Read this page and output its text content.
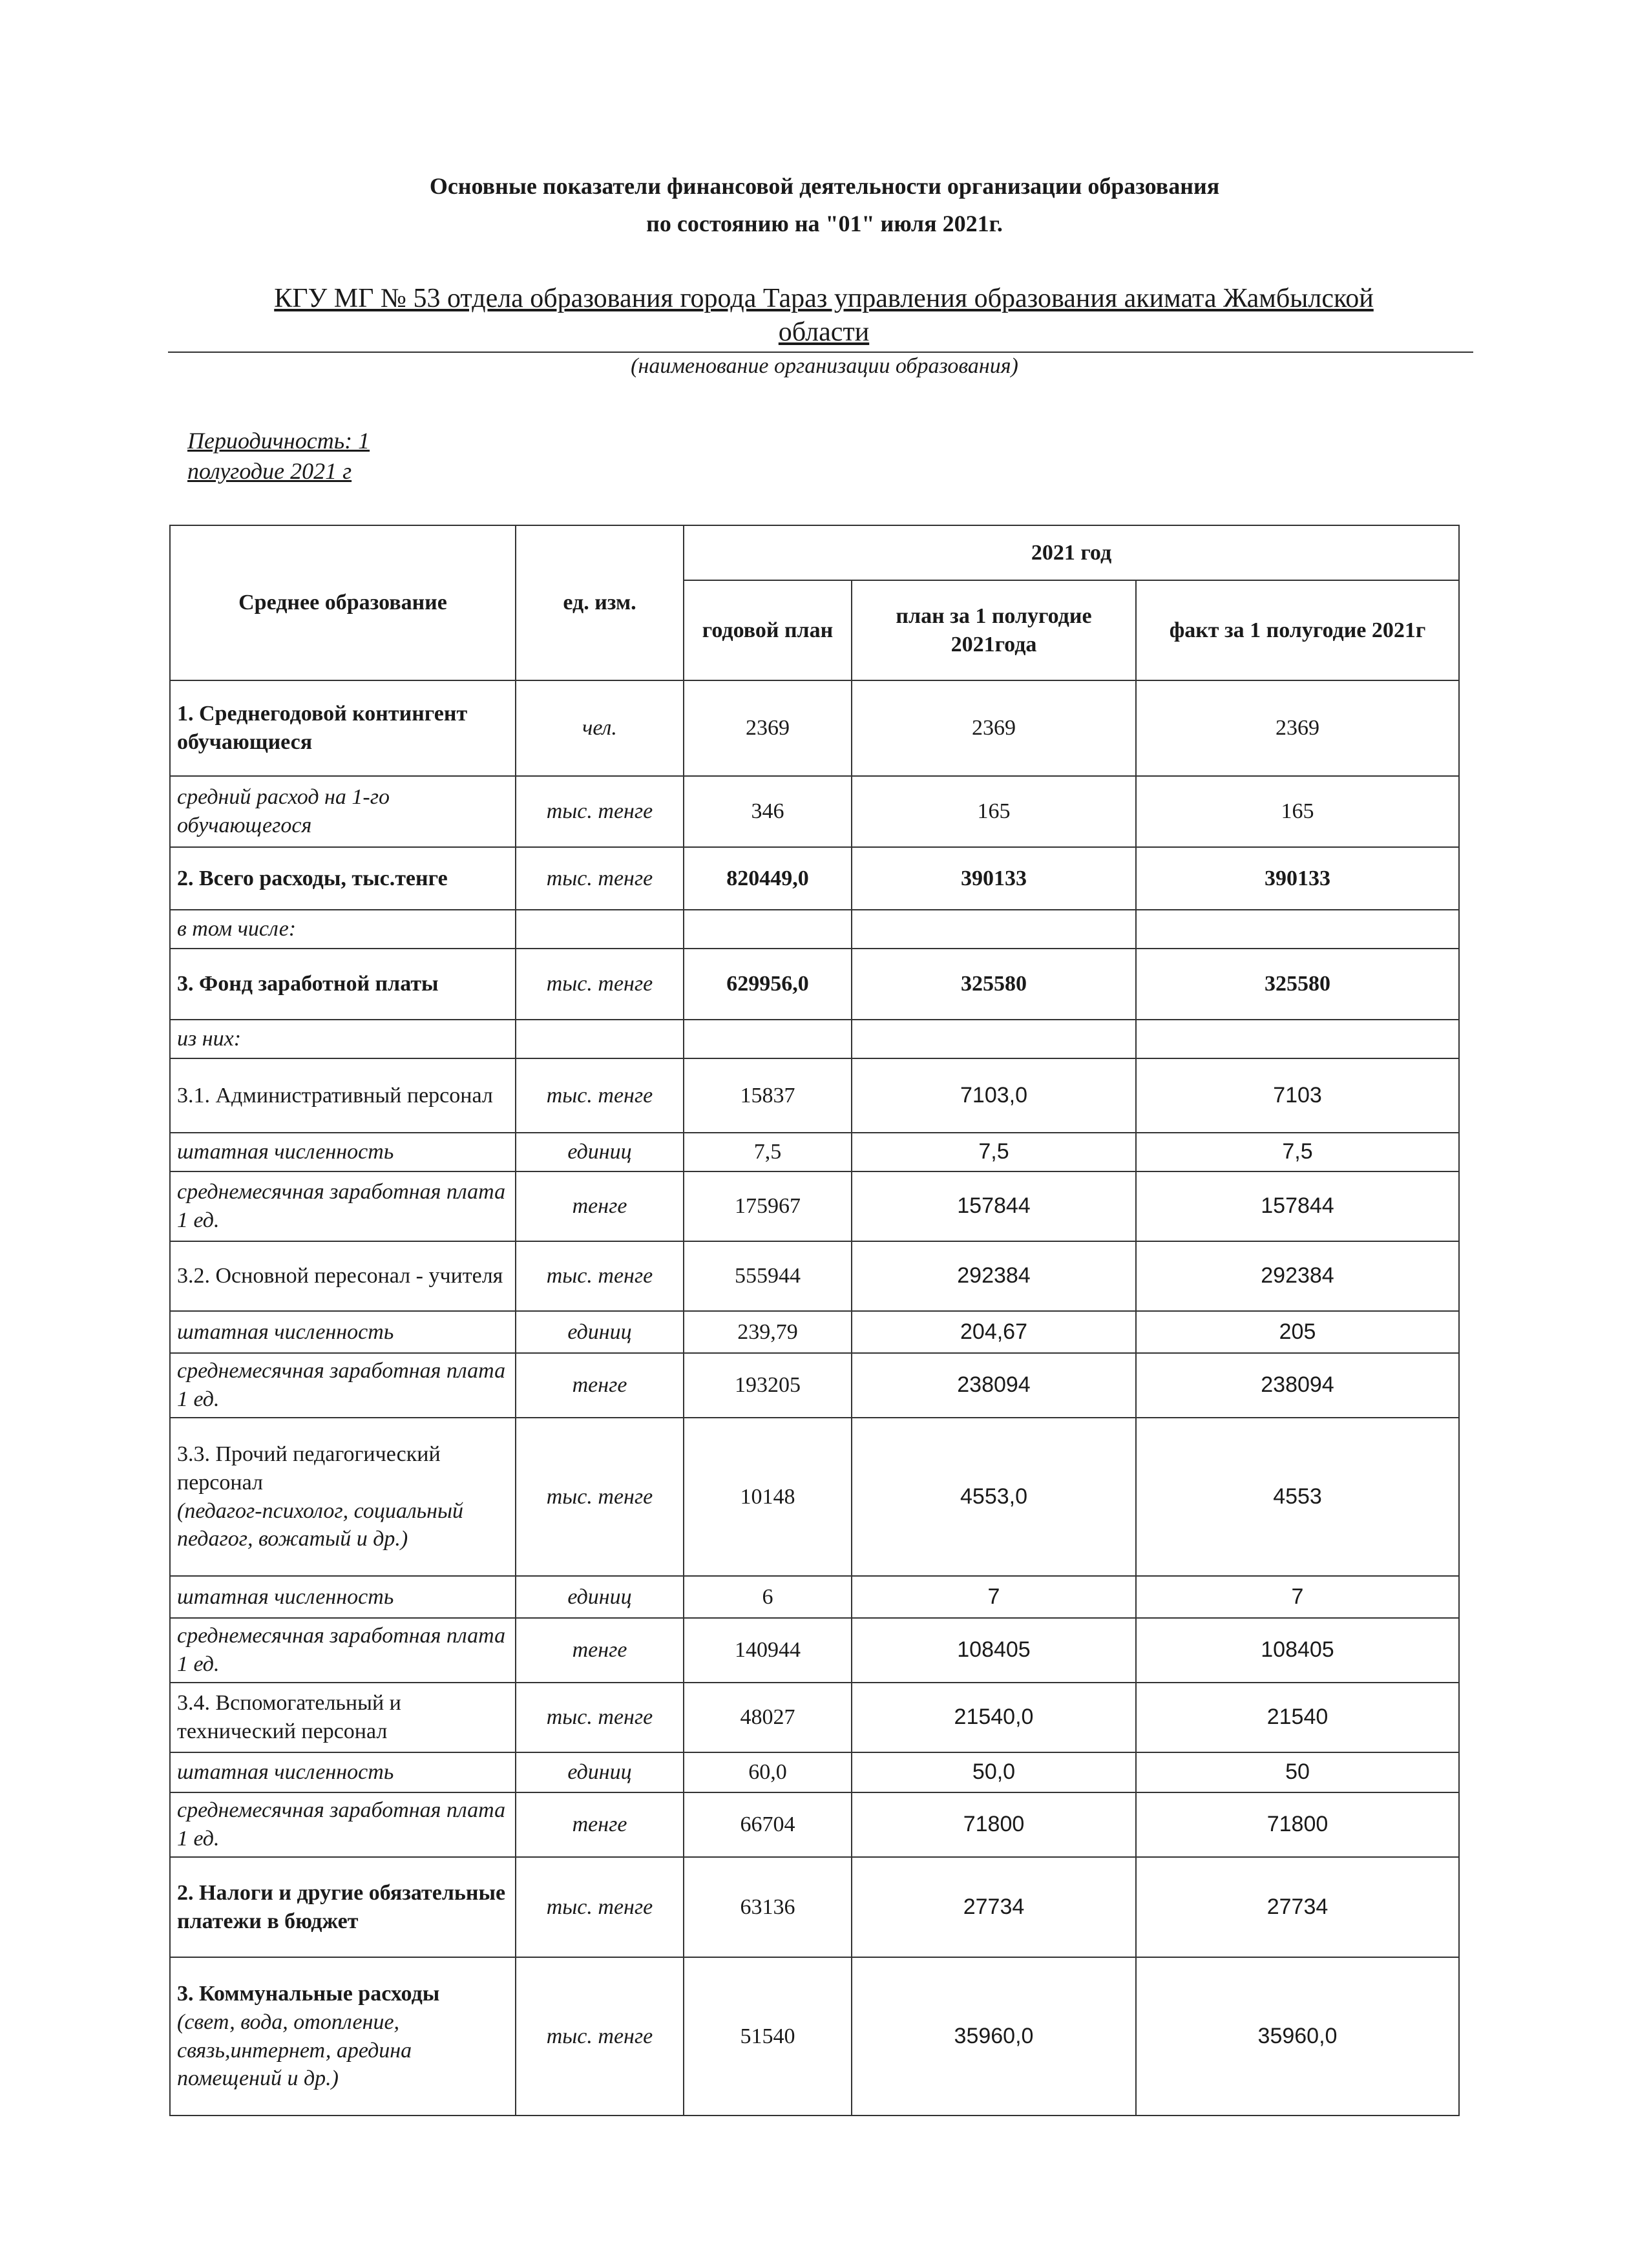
Основные показатели финансовой деятельности организации образования
по состоянию на "01" июля 2021г.
КГУ МГ № 53 отдела образования города Тараз управления образования акимата Жамбылской
области
(наименование организации образования)
Периодичность: 1
полугодие 2021 г
Среднее образование	ед. изм.	2021 год		
		годовой план	план за 1 полугодие 2021года	факт за 1 полугодие 2021г
1. Среднегодовой контингент обучающиеся	чел.	2369	2369	2369
средний расход на 1-го обучающегося	тыс. тенге	346	165	165
2. Всего расходы, тыс.тенге	тыс. тенге	820449,0	390133	390133
в том числе:				
3. Фонд заработной платы	тыс. тенге	629956,0	325580	325580
из них:				
3.1. Административный персонал	тыс. тенге	15837	7103,0	7103
штатная численность	единиц	7,5	7,5	7,5
среднемесячная заработная плата 1 ед.	тенге	175967	157844	157844
3.2. Основной пересонал - учителя	тыс. тенге	555944	292384	292384
штатная численность	единиц	239,79	204,67	205
среднемесячная заработная плата 1 ед.	тенге	193205	238094	238094
3.3. Прочий педагогический персонал
(педагог-психолог, социальный педагог, вожатый и др.)	тыс. тенге	10148	4553,0	4553
штатная численность	единиц	6	7	7
среднемесячная заработная плата 1 ед.	тенге	140944	108405	108405
3.4. Вспомогательный и технический персонал	тыс. тенге	48027	21540,0	21540
штатная численность	единиц	60,0	50,0	50
среднемесячная заработная плата 1 ед.	тенге	66704	71800	71800
2. Налоги и другие обязательные платежи в бюджет	тыс. тенге	63136	27734	27734
3. Коммунальные расходы
(свет, вода, отопление, связь,интернет, аредина помещений и др.)	тыс. тенге	51540	35960,0	35960,0
